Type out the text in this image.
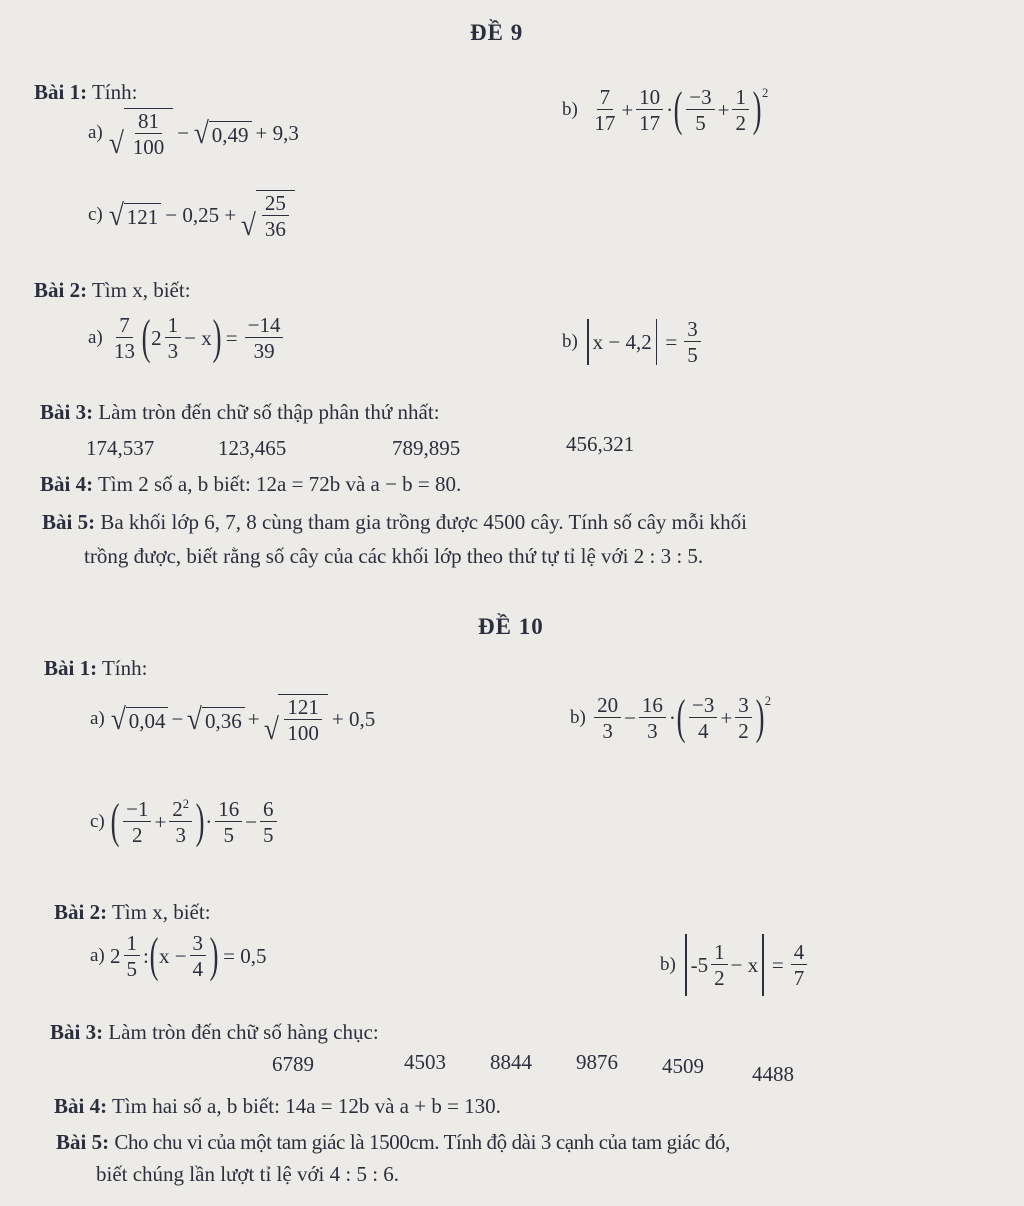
ĐỀ 9
Bài 1: Tính:
a)
√ $\frac{81}{100}$ − √ 0,49 + 9,3
b)
$\frac{7}{17} + \frac{10}{17}$ · ( $\frac{-3}{5} + \frac{1}{2} )^2$
c)
√ 121 − 0,25 + √ $\frac{25}{36}$
Bài 2: Tìm x, biết:
a)
$\frac{7}{13}$ ( $2 \frac{1}{3}$ −
x ) = $\frac{-14}{39}$	b)
$x - 4,2 = \frac{3}{5}$
Bài 3: Làm tròn đến chữ số thập phân thứ nhất:
174,537	123,465	789,895	456,321
Bài 4: Tìm 2 số a, b biết: 12a = 72b và a − b = 80.
Bài 5: Ba khối lớp 6, 7, 8 cùng tham gia trồng được 4500 cây. Tính số cây mỗi khối
trồng được, biết rằng số cây của các khối lớp theo thứ tự tỉ lệ với 2 : 3 : 5.
ĐỀ 10
Bài 1: Tính:
a)
√ 0,04 − √ 0,36 + √ $\frac{121}{100} + 0,5$	b)
$\frac{20}{3} - \frac{16}{3}$ · ( $\frac{-3}{4} + \frac{3}{2} )^2$
c)
( $\frac{-1}{2} + \frac{2^2}{3}$ ) · $\frac{16}{5} - \frac{6}{5}$
Bài 2: Tìm x, biết:
a)
$2 \frac{1}{5}$ : ( x
− $\frac{3}{4}$ ) = 0,5	b)
$-5 \frac{1}{2}$ −
$x = \frac{4}{7}$
Bài 3: Làm tròn đến chữ số hàng chục:
6789	4503 8844 9876 4509 4488
Bài 4: Tìm hai số a, b biết: 14a = 12b và a + b = 130.
Bài 5: Cho chu vi của một tam giác là 1500cm. Tính độ dài 3 cạnh của tam giác đó,
biết chúng lần lượt tỉ lệ với 4 : 5 : 6.
